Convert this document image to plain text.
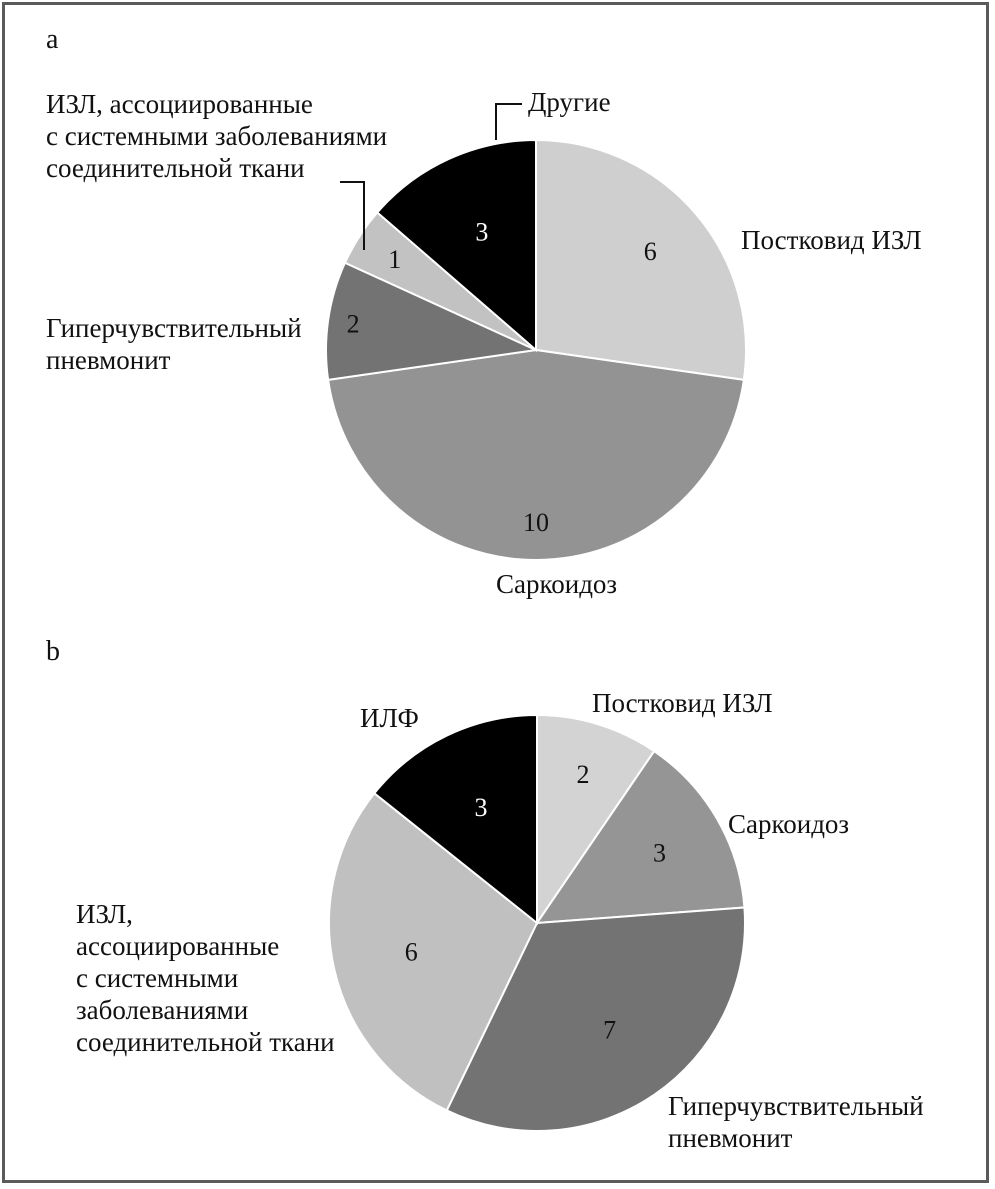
a
ИЗЛ, ассоциированные
с системными заболеваниями
соединительной ткани
Другие
Постковид ИЗЛ
Гиперчувствительный
пневмонит
Саркоидоз
b
ИЛФ	Постковид ИЗЛ
Саркоидоз
ИЗЛ,
ассоциированные
с системными
заболеваниями
соединительной ткани
Гиперчувствительный
пневмонит
6
10
2
1
3
2
3
7
6
3
